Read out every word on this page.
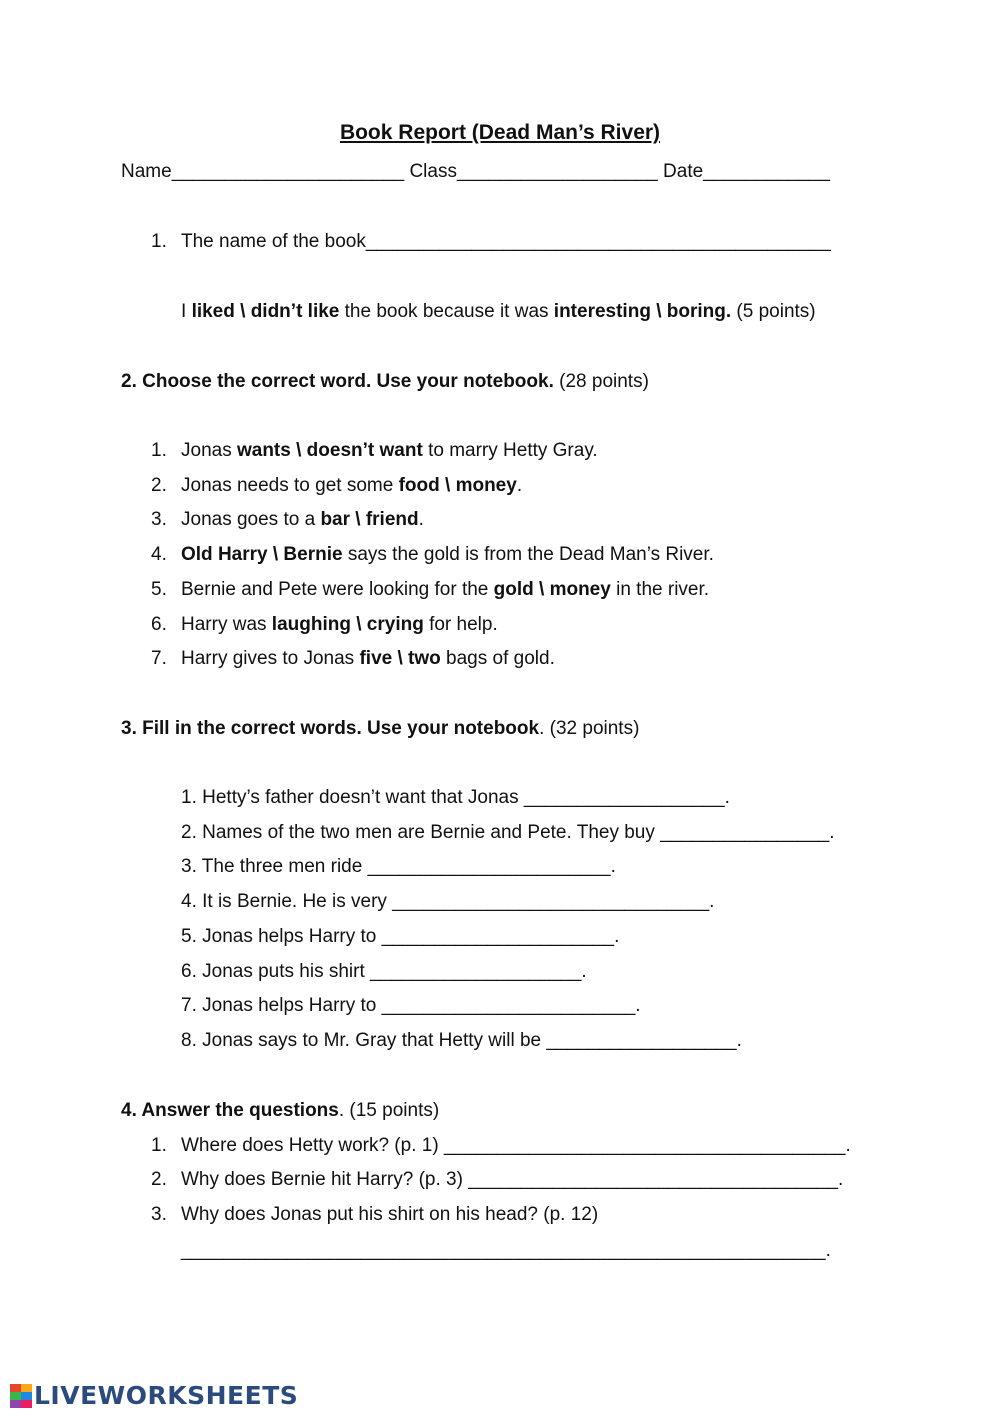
Book Report (Dead Man’s River)
Name______________________ Class___________________ Date____________
1. The name of the book____________________________________________
I liked \ didn’t like the book because it was interesting \ boring. (5 points)
2. Choose the correct word. Use your notebook. (28 points)
1. Jonas wants \ doesn’t want to marry Hetty Gray.
2. Jonas needs to get some food \ money.
3. Jonas goes to a bar \ friend.
4. Old Harry \ Bernie says the gold is from the Dead Man’s River.
5. Bernie and Pete were looking for the gold \ money in the river.
6. Harry was laughing \ crying for help.
7. Harry gives to Jonas five \ two bags of gold.
3. Fill in the correct words. Use your notebook. (32 points)
1. Hetty’s father doesn’t want that Jonas ___________________.
2. Names of the two men are Bernie and Pete. They buy ________________.
3. The three men ride _______________________.
4. It is Bernie. He is very ______________________________.
5. Jonas helps Harry to ______________________.
6. Jonas puts his shirt ____________________.
7. Jonas helps Harry to ________________________.
8. Jonas says to Mr. Gray that Hetty will be __________________.
4. Answer the questions. (15 points)
1. Where does Hetty work? (p. 1) ______________________________________.
2. Why does Bernie hit Harry? (p. 3) ___________________________________.
3. Why does Jonas put his shirt on his head? (p. 12)
_____________________________________________________________.
LIVEWORKSHEETS
